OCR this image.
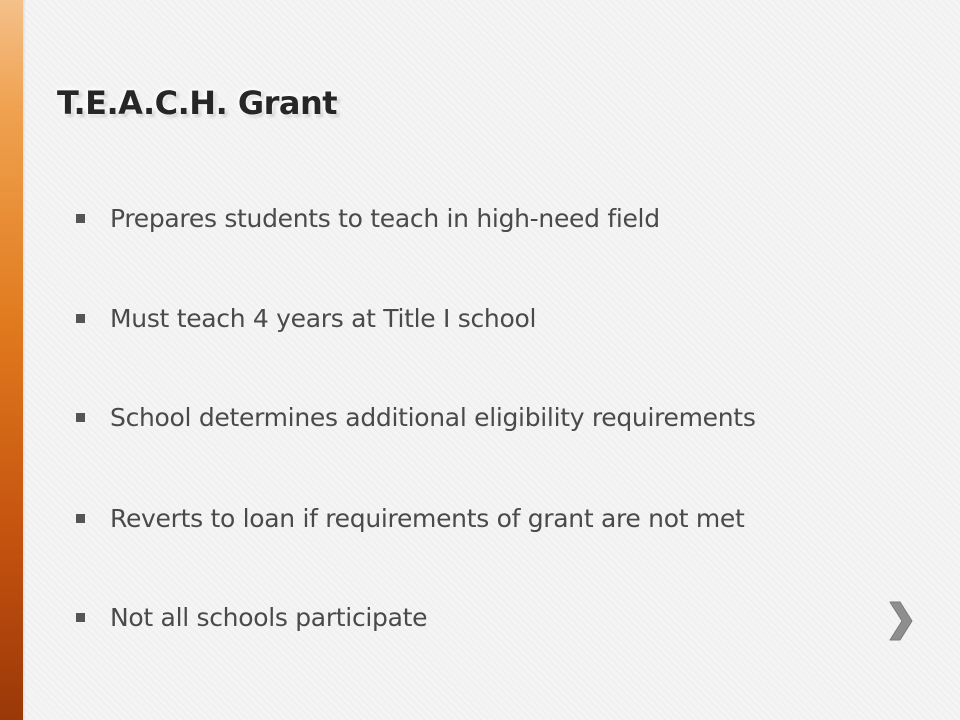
T.E.A.C.H. Grant
Prepares students to teach in high-need field
Must teach 4 years at Title I school
School determines additional eligibility requirements
Reverts to loan if requirements of grant are not met
Not all schools participate
